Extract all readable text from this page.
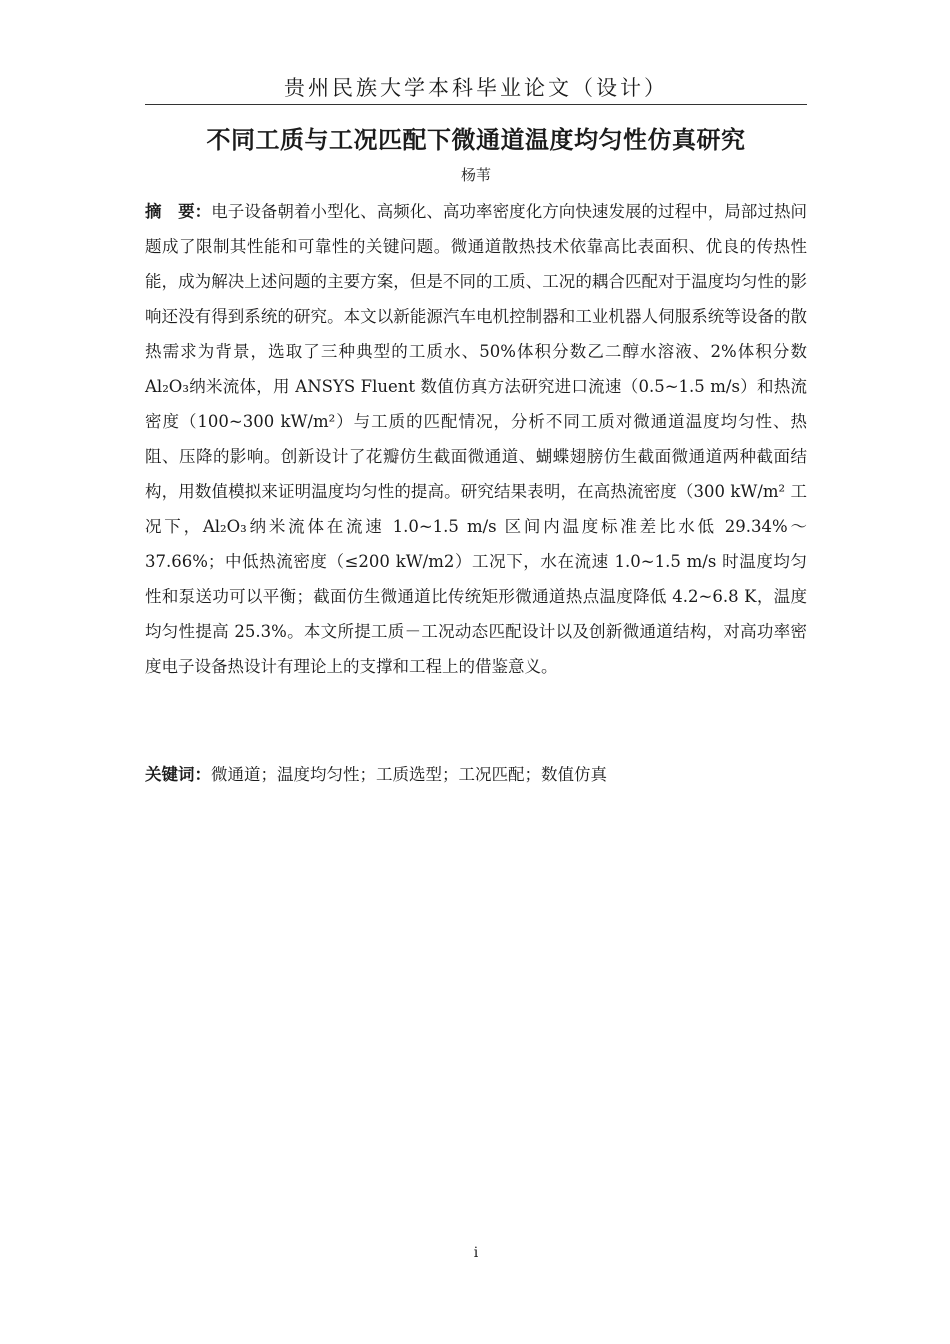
贵州民族大学本科毕业论文（设计）
不同工质与工况匹配下微通道温度均匀性仿真研究
杨苇
摘　要：电子设备朝着小型化、高频化、高功率密度化方向快速发展的过程中，局部过热问题成了限制其性能和可靠性的关键问题。微通道散热技术依靠高比表面积、优良的传热性能，成为解决上述问题的主要方案，但是不同的工质、工况的耦合匹配对于温度均匀性的影响还没有得到系统的研究。本文以新能源汽车电机控制器和工业机器人伺服系统等设备的散热需求为背景，选取了三种典型的工质水、50%体积分数乙二醇水溶液、2%体积分数 Al₂O₃纳米流体，用 ANSYS Fluent 数值仿真方法研究进口流速（0.5~1.5 m/s）和热流密度（100~300 kW/m²）与工质的匹配情况，分析不同工质对微通道温度均匀性、热阻、压降的影响。创新设计了花瓣仿生截面微通道、蝴蝶翅膀仿生截面微通道两种截面结构，用数值模拟来证明温度均匀性的提高。研究结果表明，在高热流密度（300 kW/m² 工况下，Al₂O₃纳米流体在流速 1.0~1.5 m/s 区间内温度标准差比水低 29.34%～37.66%；中低热流密度（≤200 kW/m2）工况下，水在流速 1.0~1.5 m/s 时温度均匀性和泵送功可以平衡；截面仿生微通道比传统矩形微通道热点温度降低 4.2~6.8 K，温度均匀性提高 25.3%。本文所提工质－工况动态匹配设计以及创新微通道结构，对高功率密度电子设备热设计有理论上的支撑和工程上的借鉴意义。
关键词：微通道；温度均匀性；工质选型；工况匹配；数值仿真
i
